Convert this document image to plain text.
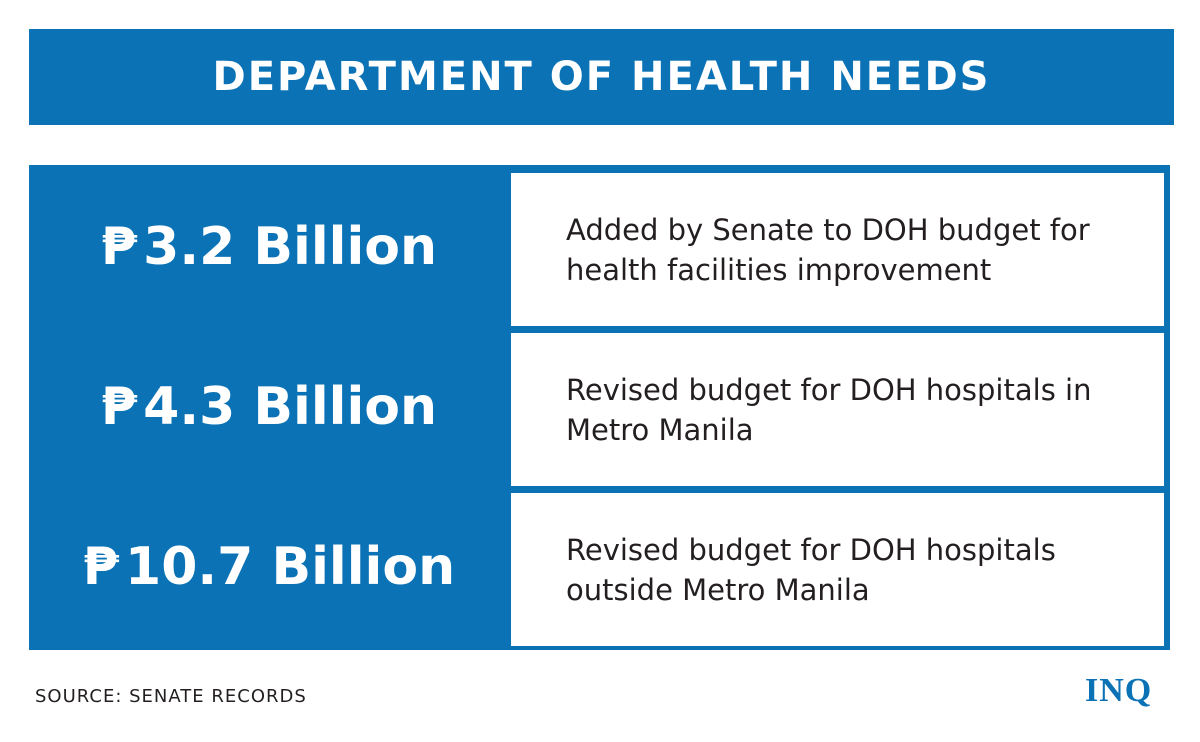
DEPARTMENT OF HEALTH NEEDS
₱ 3.2 Billion	Added by Senate to DOH budget for health facilities improvement
₱ 4.3 Billion	Revised budget for DOH hospitals in Metro Manila
₱ 10.7 Billion	Revised budget for DOH hospitals outside Metro Manila
SOURCE: SENATE RECORDS	INQ
